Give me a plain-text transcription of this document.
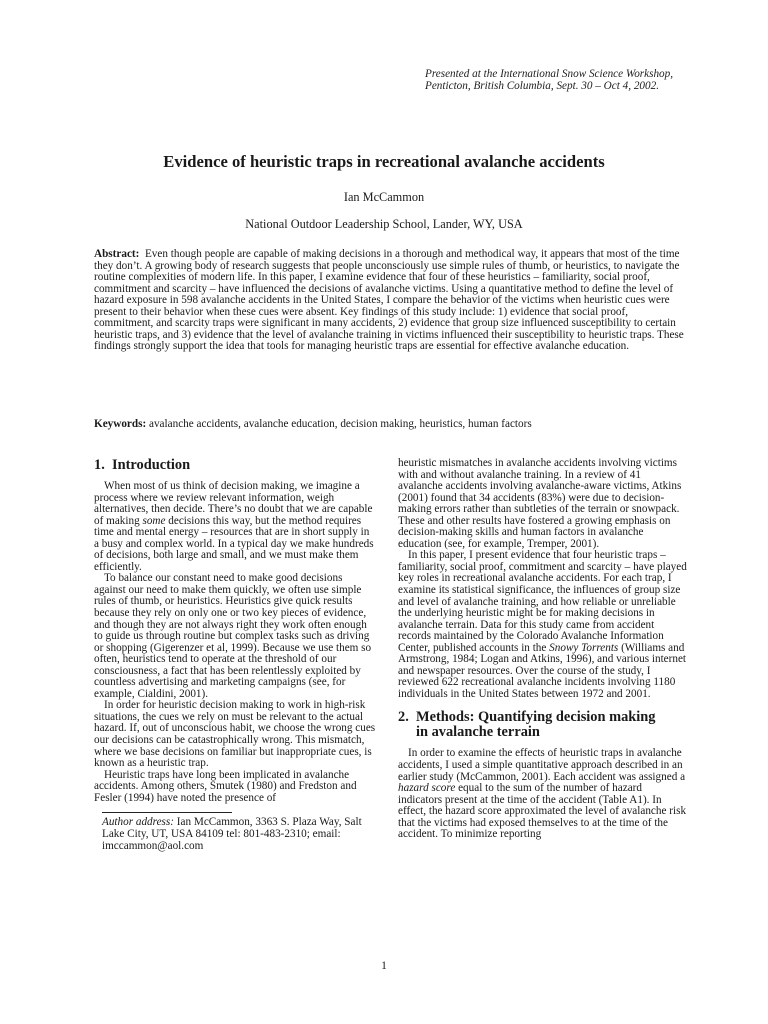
Presented at the International Snow Science Workshop,
Penticton, British Columbia, Sept. 30 – Oct 4, 2002.
Evidence of heuristic traps in recreational avalanche accidents
Ian McCammon
National Outdoor Leadership School, Lander, WY, USA
Abstract: Even though people are capable of making decisions in a thorough and methodical way, it appears that most of the time they don’t. A growing body of research suggests that people unconsciously use simple rules of thumb, or heuristics, to navigate the routine complexities of modern life. In this paper, I examine evidence that four of these heuristics – familiarity, social proof, commitment and scarcity – have influenced the decisions of avalanche victims. Using a quantitative method to define the level of hazard exposure in 598 avalanche accidents in the United States, I compare the behavior of the victims when heuristic cues were present to their behavior when these cues were absent. Key findings of this study include: 1) evidence that social proof, commitment, and scarcity traps were significant in many accidents, 2) evidence that group size influenced susceptibility to certain heuristic traps, and 3) evidence that the level of avalanche training in victims influenced their susceptibility to heuristic traps. These findings strongly support the idea that tools for managing heuristic traps are essential for effective avalanche education.
Keywords: avalanche accidents, avalanche education, decision making, heuristics, human factors
1. Introduction

When most of us think of decision making, we imagine a process where we review relevant information, weigh alternatives, then decide. There’s no doubt that we are capable of making some decisions this way, but the method requires time and mental energy – resources that are in short supply in a busy and complex world. In a typical day we make hundreds of decisions, both large and small, and we must make them efficiently.

To balance our constant need to make good decisions against our need to make them quickly, we often use simple rules of thumb, or heuristics. Heuristics give quick results because they rely on only one or two key pieces of evidence, and though they are not always right they work often enough to guide us through routine but complex tasks such as driving or shopping (Gigerenzer et al, 1999). Because we use them so often, heuristics tend to operate at the threshold of our consciousness, a fact that has been relentlessly exploited by countless advertising and marketing campaigns (see, for example, Cialdini, 2001).

In order for heuristic decision making to work in high-risk situations, the cues we rely on must be relevant to the actual hazard. If, out of unconscious habit, we choose the wrong cues our decisions can be catastrophically wrong. This mismatch, where we base decisions on familiar but inappropriate cues, is known as a heuristic trap.

Heuristic traps have long been implicated in avalanche accidents. Among others, Smutek (1980) and Fredston and Fesler (1994) have noted the presence of

Author address: Ian McCammon, 3363 S. Plaza Way, Salt Lake City, UT, USA 84109 tel: 801-483-2310; email: imccammon@aol.com

heuristic mismatches in avalanche accidents involving victims with and without avalanche training. In a review of 41 avalanche accidents involving avalanche-aware victims, Atkins (2001) found that 34 accidents (83%) were due to decision-making errors rather than subtleties of the terrain or snowpack. These and other results have fostered a growing emphasis on decision-making skills and human factors in avalanche education (see, for example, Tremper, 2001).

In this paper, I present evidence that four heuristic traps – familiarity, social proof, commitment and scarcity – have played key roles in recreational avalanche accidents. For each trap, I examine its statistical significance, the influences of group size and level of avalanche training, and how reliable or unreliable the underlying heuristic might be for making decisions in avalanche terrain. Data for this study came from accident records maintained by the Colorado Avalanche Information Center, published accounts in the Snowy Torrents (Williams and Armstrong, 1984; Logan and Atkins, 1996), and various internet and newspaper resources. Over the course of the study, I reviewed 622 recreational avalanche incidents involving 1180 individuals in the United States between 1972 and 2001.

2. Methods: Quantifying decision making
in avalanche terrain

In order to examine the effects of heuristic traps in avalanche accidents, I used a simple quantitative approach described in an earlier study (McCammon, 2001). Each accident was assigned a hazard score equal to the sum of the number of hazard indicators present at the time of the accident (Table A1). In effect, the hazard score approximated the level of avalanche risk that the victims had exposed themselves to at the time of the accident. To minimize reporting

1
